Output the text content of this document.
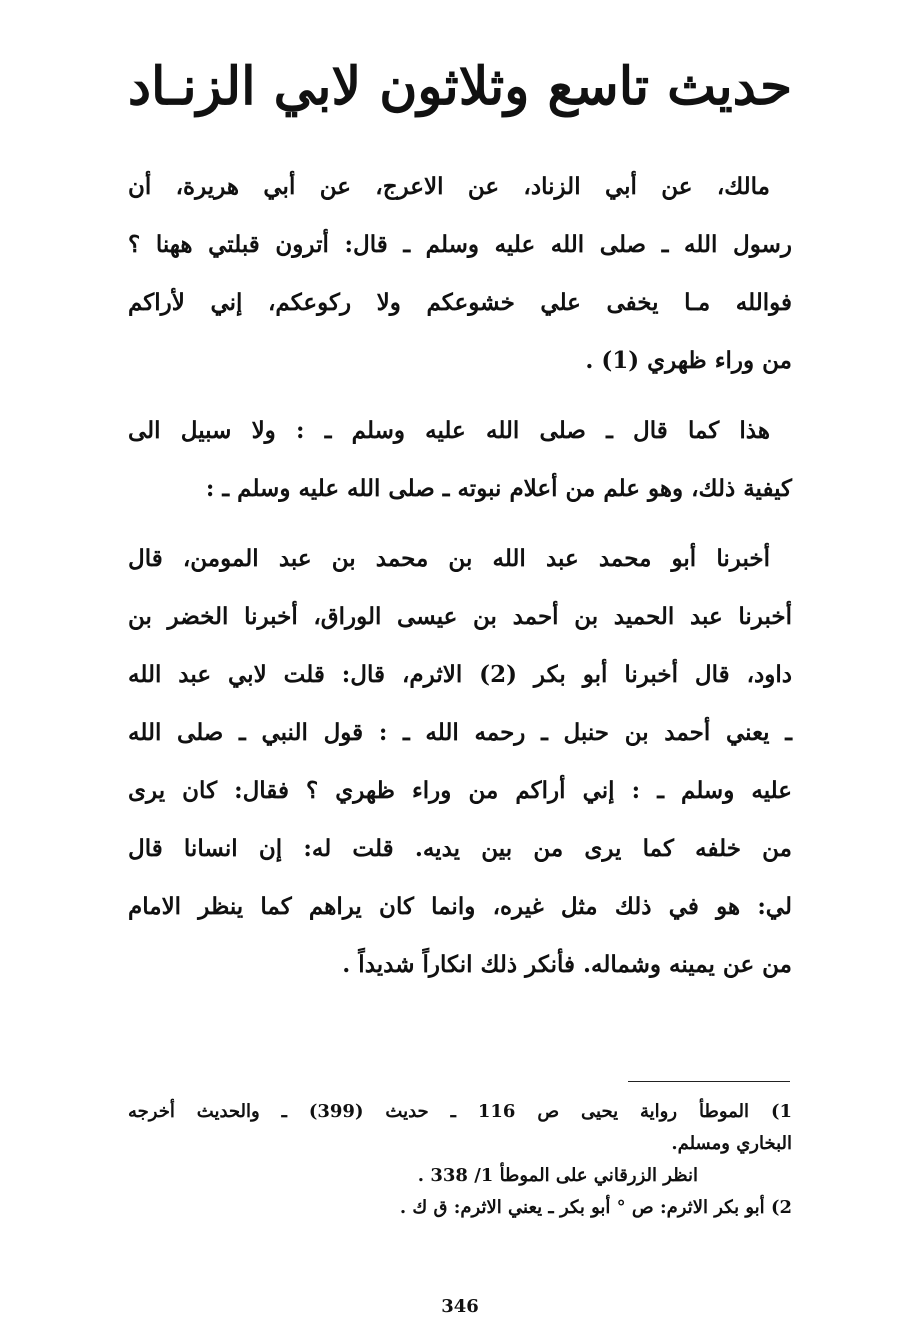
حديث تاسع وثلاثون لابي الزنـاد
مالك، عن أبي الزناد، عن الاعرج، عن أبي هريرة، أن
رسول الله ـ صلى الله عليه وسلم ـ قال: أترون قبلتي ههنا ؟
فوالله مـا يخفى علي خشوعكم ولا ركوعكم، إني لأراكم
من وراء ظهري (1) .
هذا كما قال ـ صلى الله عليه وسلم ـ : ولا سبيل الى
كيفية ذلك، وهو علم من أعلام نبوته ـ صلى الله عليه وسلم ـ :
أخبرنا أبو محمد عبد الله بن محمد بن عبد المومن، قال
أخبرنا عبد الحميد بن أحمد بن عيسى الوراق، أخبرنا الخضر بن
داود، قال أخبرنا أبو بكر (2) الاثرم، قال: قلت لابي عبد الله
ـ يعني أحمد بن حنبل ـ رحمه الله ـ : قول النبي ـ صلى الله
عليه وسلم ـ : إني أراكم من وراء ظهري ؟ فقال: كان يرى
من خلفه كما يرى من بين يديه. قلت له: إن انسانا قال
لي: هو في ذلك مثل غيره، وانما كان يراهم كما ينظر الامام
من عن يمينه وشماله. فأنكر ذلك انكاراً شديداً .
1) الموطأ رواية يحيى ص 116 ـ حديث (399) ـ والحديث أخرجه
البخاري ومسلم.
انظر الزرقاني على الموطأ 1/ 338 .
2) أبو بكر الاثرم: ص ° أبو بكر ـ يعني الاثرم: ق ك .
346
